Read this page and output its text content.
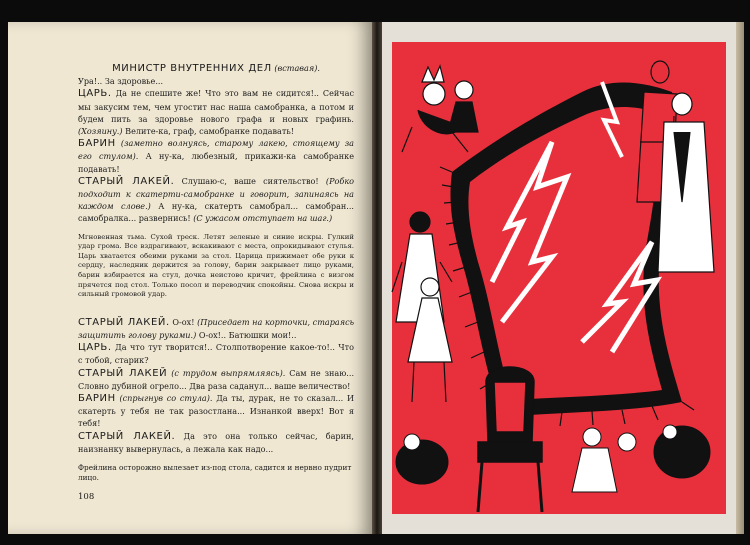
МИНИСТР ВНУТРЕННИХ ДЕЛ (вставая).

Ура!.. За здоровье...

ЦАРЬ. Да не спешите же! Что это вам не сидится!.. Сейчас мы закусим тем, чем угостит нас наша самобранка, а потом и будем пить за здоровье нового графа и новых графинь. (Хозяину.) Велите-ка, граф, самобранке подавать!

БАРИН (заметно волнуясь, старому лакею, стоящему за его стулом). А ну-ка, любезный, прикажи-ка самобранке подавать!

СТАРЫЙ ЛАКЕЙ. Слушаю-с, ваше сиятельство! (Робко подходит к скатерти-самобранке и говорит, запинаясь на каждом слове.) А ну-ка, скатерть самобрал... самобран... самобралка... развернись! (С ужасом отступает на шаг.)

Мгновенная тьма. Сухой треск. Летят зеленые и синие искры. Гулкий удар грома. Все вздрагивают, вскакивают с места, опрокидывают стулья. Царь хватается обеими руками за стол. Царица прижимает обе руки к сердцу, наследник держится за голову, барин закрывает лицо руками, барин взбирается на стул, дочка неистово кричит, фрейлина с визгом прячется под стол. Только посол и переводчик спокойны. Снова искры и сильный громовой удар.

СТАРЫЙ ЛАКЕЙ. О-ох! (Приседает на корточки, стараясь защитить голову руками.) О-ох!.. Батюшки мои!..

ЦАРЬ. Да что тут творится!.. Столпотворение какое-то!.. Что с тобой, старик?

СТАРЫЙ ЛАКЕЙ (с трудом выпрямляясь). Сам не знаю... Словно дубиной огрело... Два раза саданул... ваше величество!

БАРИН (спрыгнув со стула). Да ты, дурак, не то сказал... И скатерть у тебя не так разостлана... Изнанкой вверх! Вот я тебя!

СТАРЫЙ ЛАКЕЙ. Да это она только сейчас, барин, наизнанку вывернулась, а лежала как надо...

Фрейлина осторожно вылезает из-под стола, садится и нервно пудрит лицо.

108
